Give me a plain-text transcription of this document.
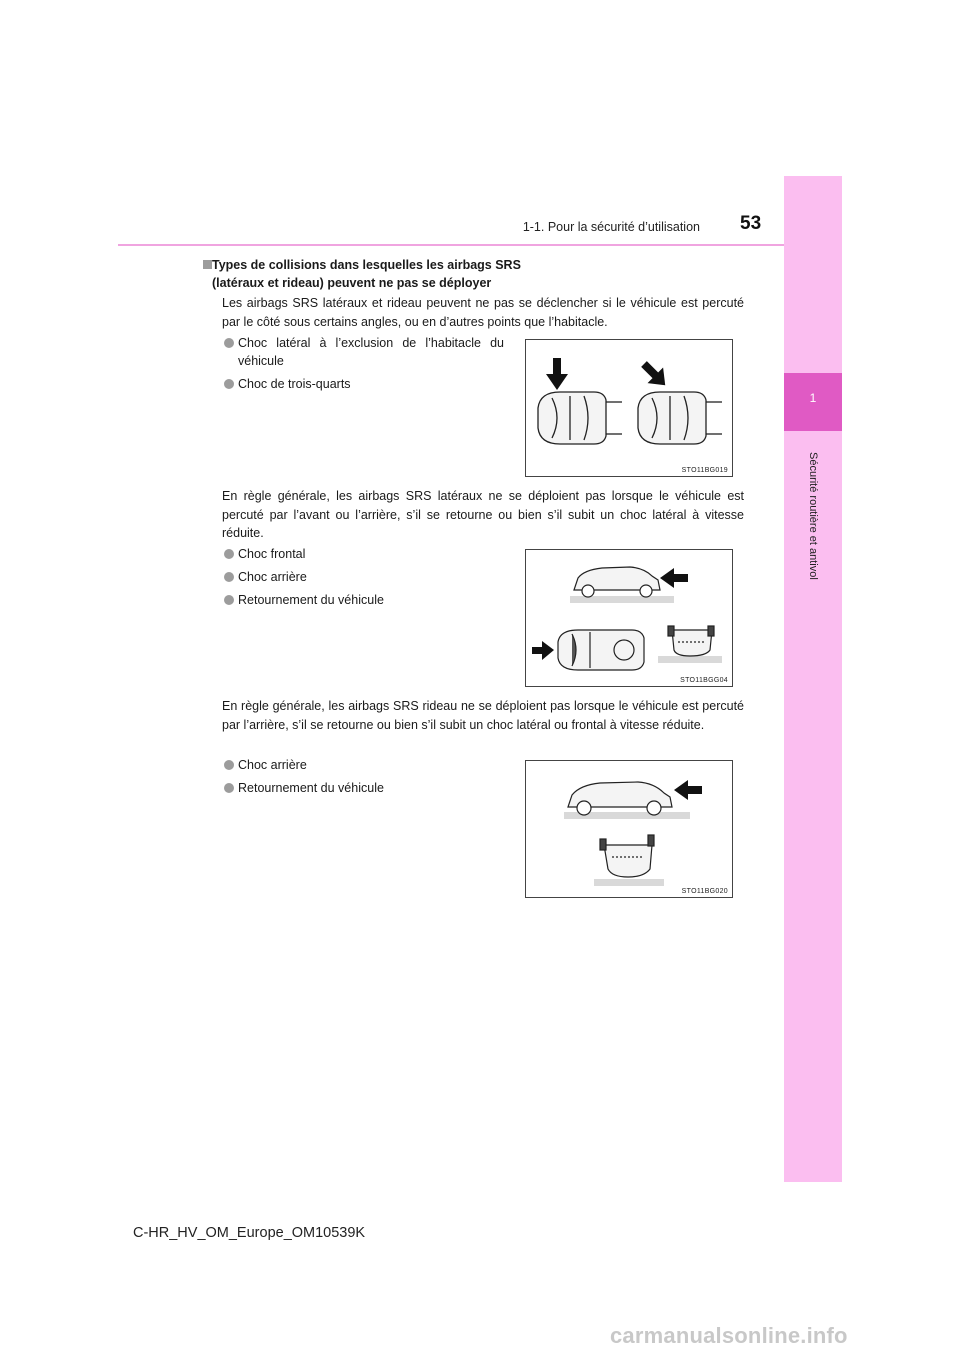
1-1. Pour la sécurité d’utilisation 53
1
Sécurité routière et antivol
Types de collisions dans lesquelles les airbags SRS
(latéraux et rideau) peuvent ne pas se déployer
Les airbags SRS latéraux et rideau peuvent ne pas se déclencher si le véhicule est percuté par le côté sous certains angles, ou en d’autres points que l’habitacle.
Choc latéral à l’exclusion de l’habitacle du véhicule
Choc de trois-quarts
STO11BG019
En règle générale, les airbags SRS latéraux ne se déploient pas lorsque le véhicule est percuté par l’avant ou l’arrière, s’il se retourne ou bien s’il subit un choc latéral à vitesse réduite.
Choc frontal
Choc arrière
Retournement du véhicule
STO11BGG04
En règle générale, les airbags SRS rideau ne se déploient pas lorsque le véhicule est percuté par l’arrière, s’il se retourne ou bien s’il subit un choc latéral ou frontal à vitesse réduite.
Choc arrière
Retournement du véhicule
STO11BG020
C-HR_HV_OM_Europe_OM10539K
carmanualsonline.info
